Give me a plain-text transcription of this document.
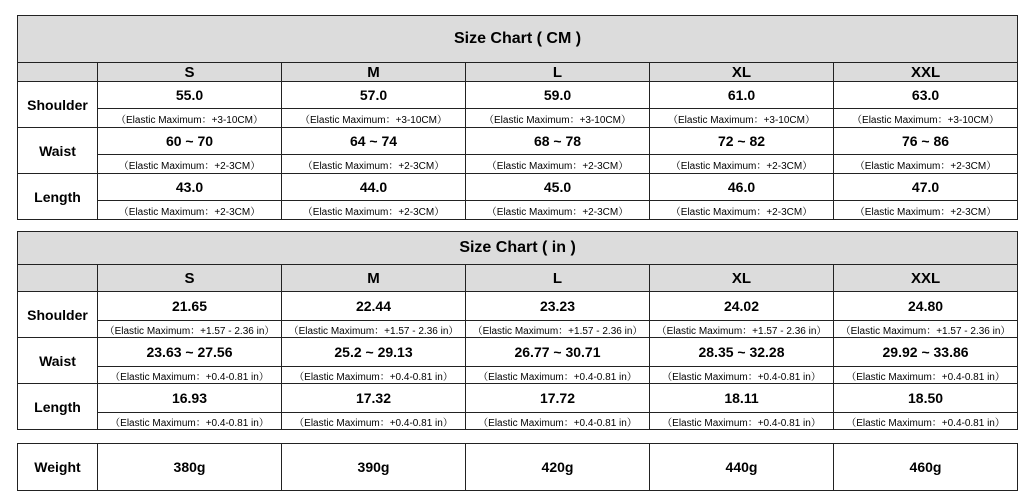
Size Chart ( CM )					
	S	M	L	XL	XXL
Shoulder	55.0	57.0	59.0	61.0	63.0
	（Elastic Maximum：+3-10CM）	（Elastic Maximum：+3-10CM）	（Elastic Maximum：+3-10CM）	（Elastic Maximum：+3-10CM）	（Elastic Maximum：+3-10CM）
Waist	60 ~ 70	64 ~ 74	68 ~ 78	72 ~ 82	76 ~ 86
	（Elastic Maximum：+2-3CM）	（Elastic Maximum：+2-3CM）	（Elastic Maximum：+2-3CM）	（Elastic Maximum：+2-3CM）	（Elastic Maximum：+2-3CM）
Length	43.0	44.0	45.0	46.0	47.0
	（Elastic Maximum：+2-3CM）	（Elastic Maximum：+2-3CM）	（Elastic Maximum：+2-3CM）	（Elastic Maximum：+2-3CM）	（Elastic Maximum：+2-3CM）
Size Chart ( in )					
	S	M	L	XL	XXL
Shoulder	21.65	22.44	23.23	24.02	24.80
	（Elastic Maximum：+1.57 - 2.36 in）	（Elastic Maximum：+1.57 - 2.36 in）	（Elastic Maximum：+1.57 - 2.36 in）	（Elastic Maximum：+1.57 - 2.36 in）	（Elastic Maximum：+1.57 - 2.36 in）
Waist	23.63 ~ 27.56	25.2 ~ 29.13	26.77 ~ 30.71	28.35 ~ 32.28	29.92 ~ 33.86
	（Elastic Maximum：+0.4-0.81 in）	（Elastic Maximum：+0.4-0.81 in）	（Elastic Maximum：+0.4-0.81 in）	（Elastic Maximum：+0.4-0.81 in）	（Elastic Maximum：+0.4-0.81 in）
Length	16.93	17.32	17.72	18.11	18.50
	（Elastic Maximum：+0.4-0.81 in）	（Elastic Maximum：+0.4-0.81 in）	（Elastic Maximum：+0.4-0.81 in）	（Elastic Maximum：+0.4-0.81 in）	（Elastic Maximum：+0.4-0.81 in）
Weight	380g	390g	420g	440g	460g
